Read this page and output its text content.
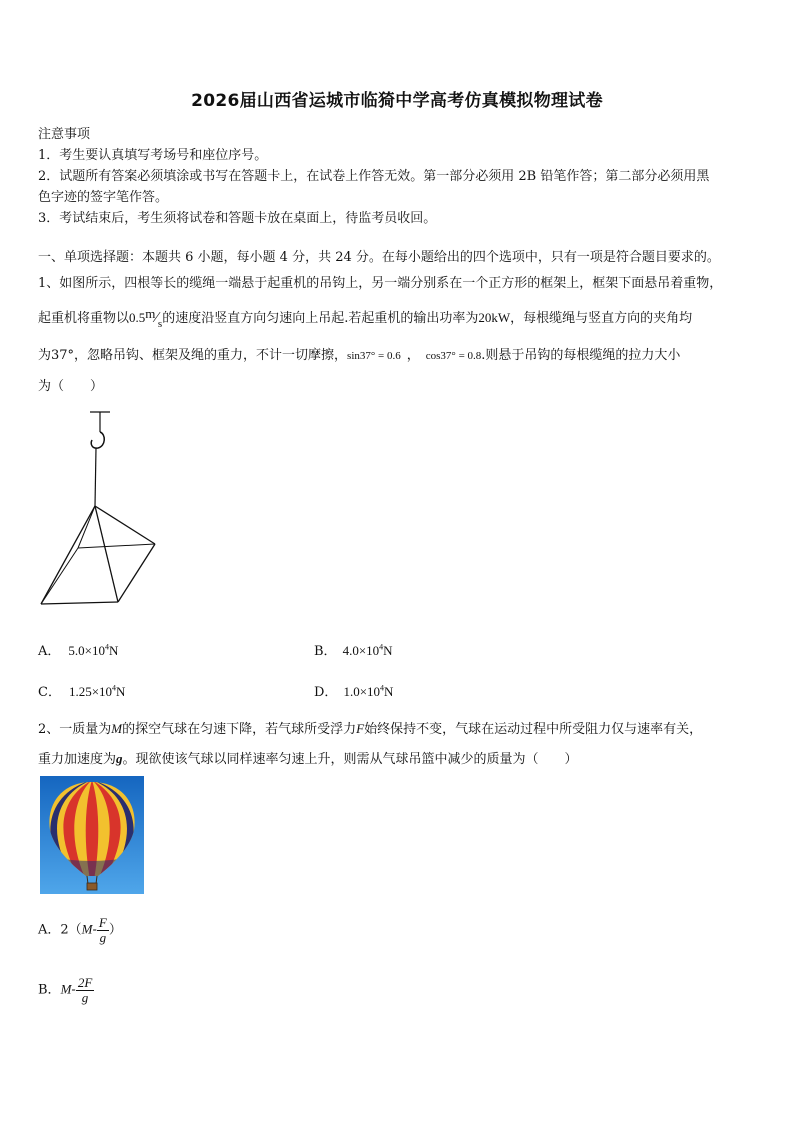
2026届山西省运城市临猗中学高考仿真模拟物理试卷
注意事项
1．考生要认真填写考场号和座位序号。
2．试题所有答案必须填涂或书写在答题卡上，在试卷上作答无效。第一部分必须用 2B 铅笔作答；第二部分必须用黑
色字迹的签字笔作答。
3．考试结束后，考生须将试卷和答题卡放在桌面上，待监考员收回。
一、单项选择题：本题共 6 小题，每小题 4 分，共 24 分。在每小题给出的四个选项中，只有一项是符合题目要求的。
1、如图所示，四根等长的缆绳一端悬于起重机的吊钩上，另一端分别系在一个正方形的框架上，框架下面悬吊着重物，
起重机将重物以$0.5m∕_s$的速度沿竖直方向匀速向上吊起.若起重机的输出功率为20kW，每根缆绳与竖直方向的夹角均
为37°，忽略吊钩、框架及绳的重力，不计一切摩擦，sin37° = 0.6 ， cos37° = 0.8.则悬于吊钩的每根缆绳的拉力大小
为（　　）
A． $5.0\times 10^4N$	B． $4.0\times 10^4N$
C． $1.25\times 10^4N$	D． $1.0\times 10^4N$
2、一质量为M的探空气球在匀速下降，若气球所受浮力F始终保持不变，气球在运动过程中所受阻力仅与速率有关，
重力加速度为g。现欲使该气球以同样速率匀速上升，则需从气球吊篮中减少的质量为（　　）
A．$2(M- \frac{F}{g}$ ）
B．$M- \frac{2F}{g}$
